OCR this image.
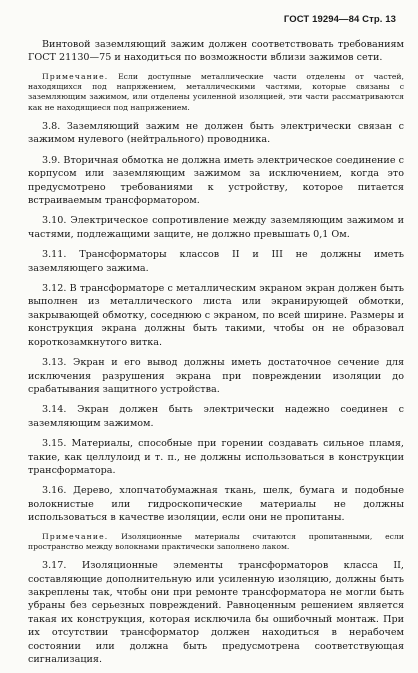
ГОСТ 19294—84 Стр. 13

Винтовой заземляющий зажим должен соответствовать требованиям ГОСТ 21130—75 и находиться по возможности вблизи зажимов сети.

Примечание. Если доступные металлические части отделены от частей, находящихся под напряжением, металлическими частями, которые связаны с заземляющим зажимом, или отделены усиленной изоляцией, эти части рассматриваются как не находящиеся под напряжением.

3.8. Заземляющий зажим не должен быть электрически связан с зажимом нулевого (нейтрального) проводника.

3.9. Вторичная обмотка не должна иметь электрическое соединение с корпусом или заземляющим зажимом за исключением, когда это предусмотрено требованиями к устройству, которое питается встраиваемым трансформатором.

3.10. Электрическое сопротивление между заземляющим зажимом и частями, подлежащими защите, не должно превышать 0,1 Ом.

3.11. Трансформаторы классов II и III не должны иметь заземляющего зажима.

3.12. В трансформаторе с металлическим экраном экран должен быть выполнен из металлического листа или экранирующей обмотки, закрывающей обмотку, соседнюю с экраном, по всей ширине. Размеры и конструкция экрана должны быть такими, чтобы он не образовал короткозамкнутого витка.

3.13. Экран и его вывод должны иметь достаточное сечение для исключения разрушения экрана при повреждении изоляции до срабатывания защитного устройства.

3.14. Экран должен быть электрически надежно соединен с заземляющим зажимом.

3.15. Материалы, способные при горении создавать сильное пламя, такие, как целлулоид и т. п., не должны использоваться в конструкции трансформатора.

3.16. Дерево, хлопчатобумажная ткань, шелк, бумага и подобные волокнистые или гидроскопические материалы не должны использоваться в качестве изоляции, если они не пропитаны.

Примечание. Изоляционные материалы считаются пропитанными, если пространство между волокнами практически заполнено лаком.

3.17. Изоляционные элементы трансформаторов класса II, составляющие дополнительную или усиленную изоляцию, должны быть закреплены так, чтобы они при ремонте трансформатора не могли быть убраны без серьезных повреждений. Равноценным решением является такая их конструкция, которая исключила бы ошибочный монтаж. При их отсутствии трансформатор должен находиться в нерабочем состоянии или должна быть предусмотрена соответствующая сигнализация.
